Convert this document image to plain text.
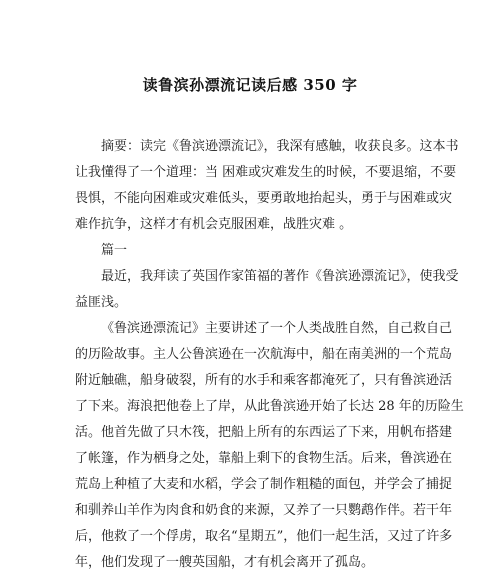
读鲁滨孙漂流记读后感 350 字
摘要：读完《鲁滨逊漂流记》，我深有感触，收获良多。这本书
让我懂得了一个道理：当 困难或灾难发生的时候，不要退缩，不要
畏惧，不能向困难或灾难低头，要勇敢地抬起头，勇于与困难或灾
难作抗争，这样才有机会克服困难，战胜灾难 。
篇一
最近，我拜读了英国作家笛福的著作《鲁滨逊漂流记》，使我受
益匪浅。
《鲁滨逊漂流记》主要讲述了一个人类战胜自然，自己救自己
的历险故事。主人公鲁滨逊在一次航海中，船在南美洲的一个荒岛
附近触礁，船身破裂，所有的水手和乘客都淹死了，只有鲁滨逊活
了下来。海浪把他卷上了岸，从此鲁滨逊开始了长达 28 年的历险生
活。他首先做了只木筏，把船上所有的东西运了下来，用帆布搭建
了帐篷，作为栖身之处，靠船上剩下的食物生活。后来，鲁滨逊在
荒岛上种植了大麦和水稻，学会了制作粗糙的面包，并学会了捕捉
和驯养山羊作为肉食和奶食的来源，又养了一只鹦鹉作伴。若干年
后，他救了一个俘虏，取名“星期五”，他们一起生活，又过了许多
年，他们发现了一艘英国船，才有机会离开了孤岛。
